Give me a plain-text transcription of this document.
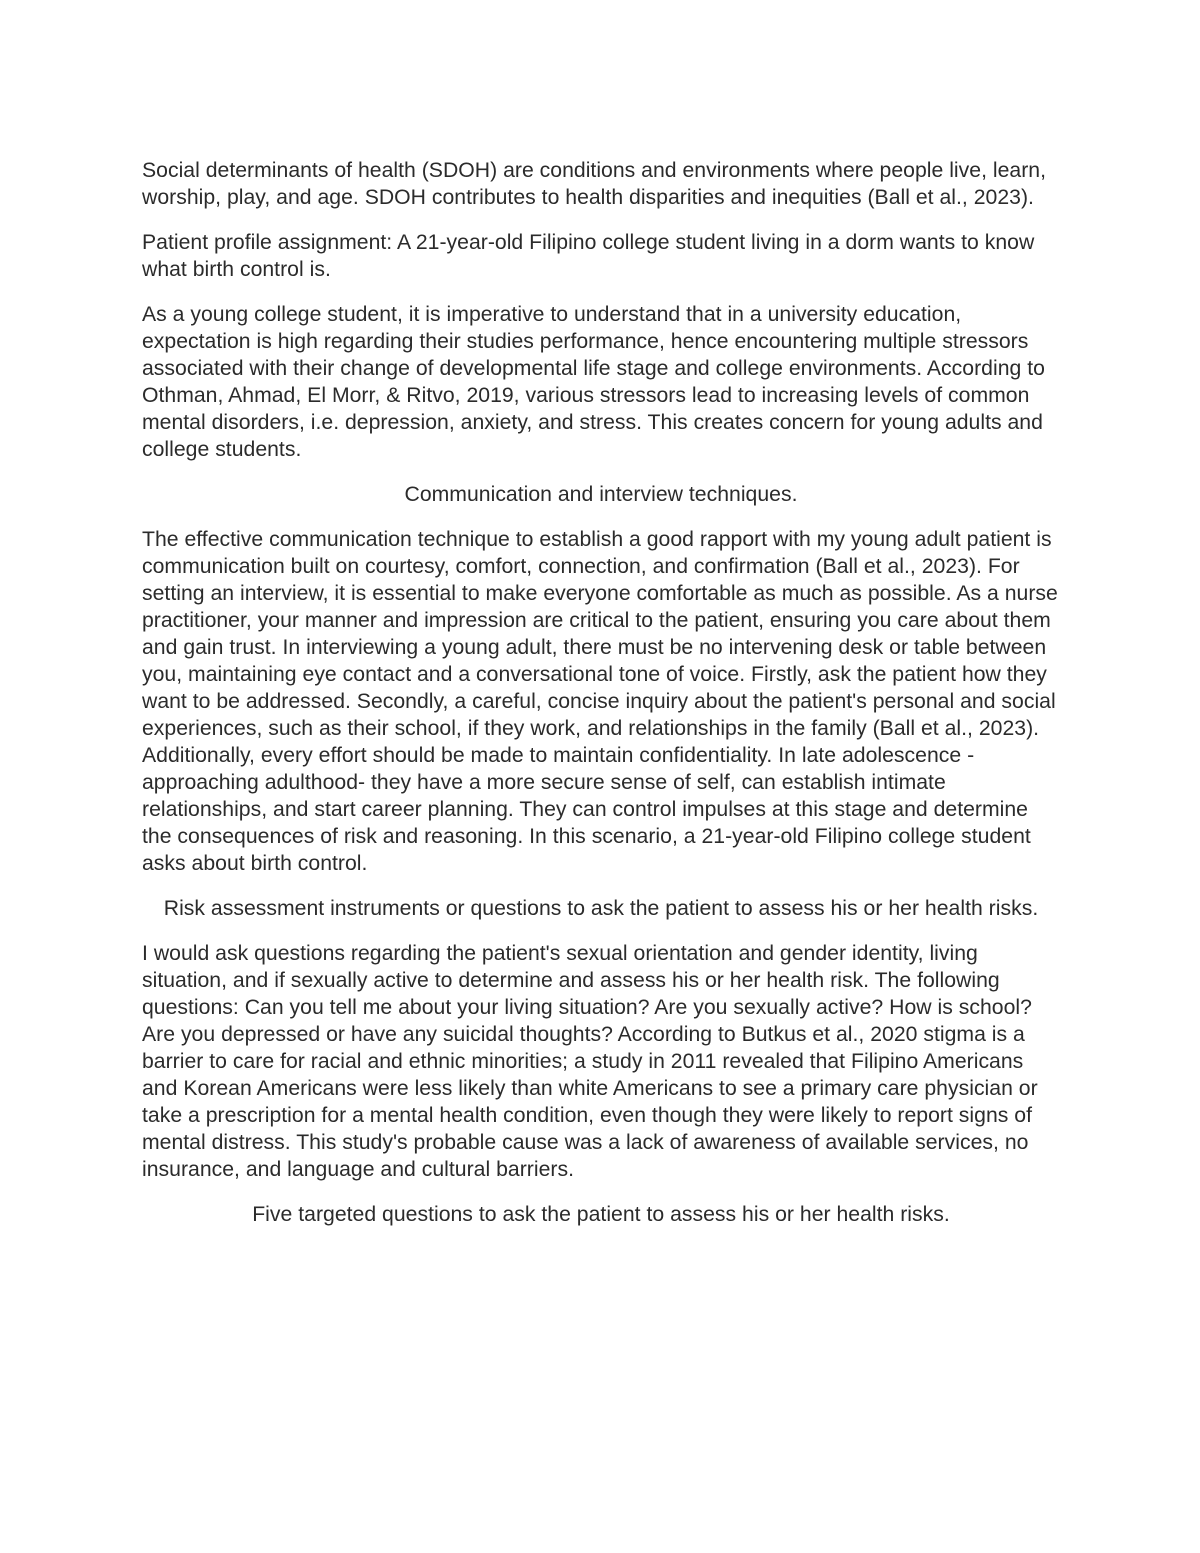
Social determinants of health (SDOH) are conditions and environments where people live, learn, worship, play, and age. SDOH contributes to health disparities and inequities (Ball et al., 2023).

Patient profile assignment: A 21-year-old Filipino college student living in a dorm wants to know what birth control is.

As a young college student, it is imperative to understand that in a university education, expectation is high regarding their studies performance, hence encountering multiple stressors associated with their change of developmental life stage and college environments. According to Othman, Ahmad, El Morr, & Ritvo, 2019, various stressors lead to increasing levels of common mental disorders, i.e. depression, anxiety, and stress. This creates concern for young adults and college students.

Communication and interview techniques.

The effective communication technique to establish a good rapport with my young adult patient is communication built on courtesy, comfort, connection, and confirmation (Ball et al., 2023). For setting an interview, it is essential to make everyone comfortable as much as possible. As a nurse practitioner, your manner and impression are critical to the patient, ensuring you care about them and gain trust. In interviewing a young adult, there must be no intervening desk or table between you, maintaining eye contact and a conversational tone of voice. Firstly, ask the patient how they want to be addressed. Secondly, a careful, concise inquiry about the patient's personal and social experiences, such as their school, if they work, and relationships in the family (Ball et al., 2023). Additionally, every effort should be made to maintain confidentiality. In late adolescence - approaching adulthood- they have a more secure sense of self, can establish intimate relationships, and start career planning. They can control impulses at this stage and determine the consequences of risk and reasoning. In this scenario, a 21-year-old Filipino college student asks about birth control.

Risk assessment instruments or questions to ask the patient to assess his or her health risks.

I would ask questions regarding the patient's sexual orientation and gender identity, living situation, and if sexually active to determine and assess his or her health risk. The following questions: Can you tell me about your living situation? Are you sexually active? How is school? Are you depressed or have any suicidal thoughts? According to Butkus et al., 2020 stigma is a barrier to care for racial and ethnic minorities; a study in 2011 revealed that Filipino Americans and Korean Americans were less likely than white Americans to see a primary care physician or take a prescription for a mental health condition, even though they were likely to report signs of mental distress. This study's probable cause was a lack of awareness of available services, no insurance, and language and cultural barriers.

Five targeted questions to ask the patient to assess his or her health risks.
